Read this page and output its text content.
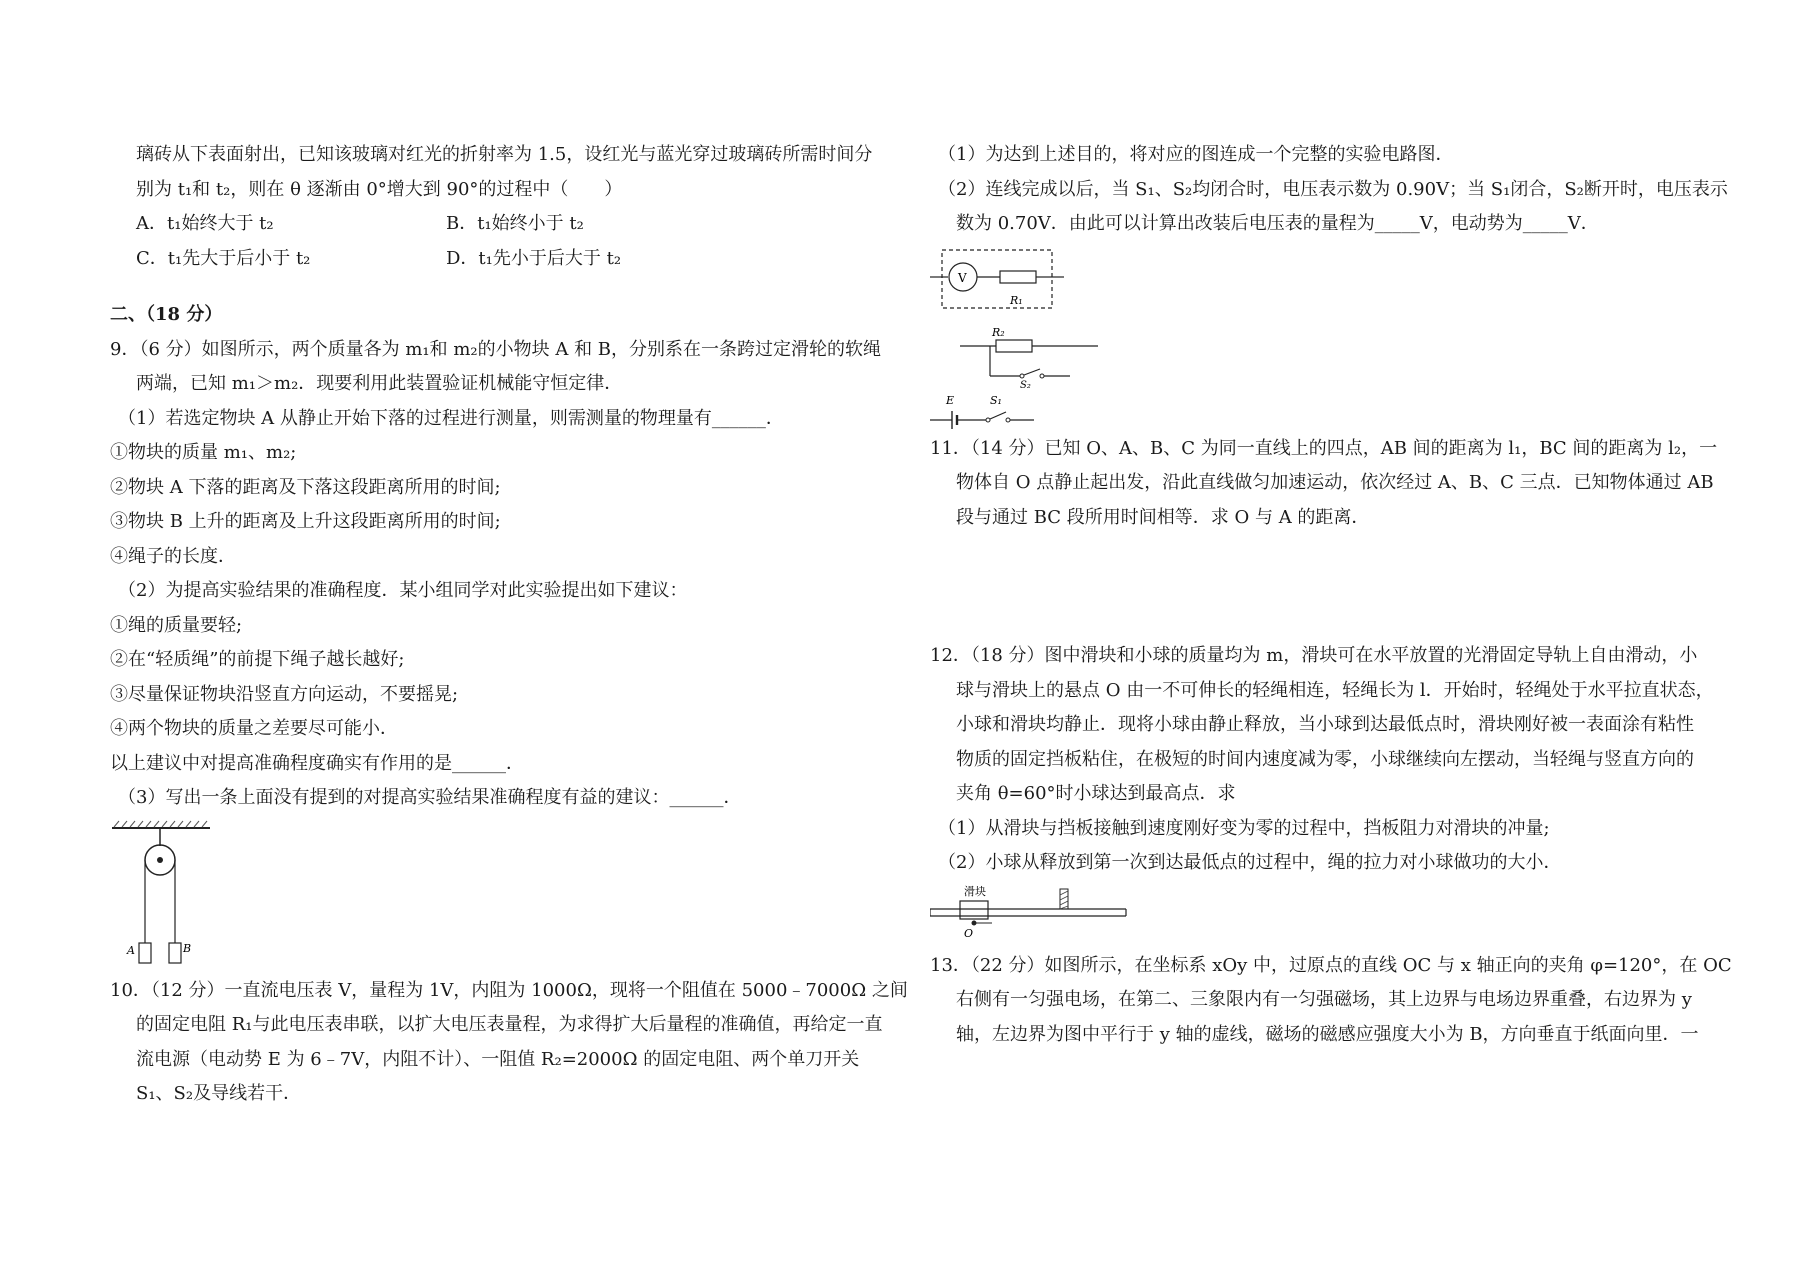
璃砖从下表面射出，已知该玻璃对红光的折射率为 1.5，设红光与蓝光穿过玻璃砖所需时间分
别为 t₁和 t₂，则在 θ 逐渐由 0°增大到 90°的过程中（　　）
A．t₁始终大于 t₂	B．t₁始终小于 t₂
C．t₁先大于后小于 t₂	D．t₁先小于后大于 t₂
二、（18 分）
9．（6 分）如图所示，两个质量各为 m₁和 m₂的小物块 A 和 B，分别系在一条跨过定滑轮的软绳
两端，已知 m₁＞m₂．现要利用此装置验证机械能守恒定律．
（1）若选定物块 A 从静止开始下落的过程进行测量，则需测量的物理量有______．
①物块的质量 m₁、m₂;
②物块 A 下落的距离及下落这段距离所用的时间;
③物块 B 上升的距离及上升这段距离所用的时间;
④绳子的长度．
（2）为提高实验结果的准确程度．某小组同学对此实验提出如下建议：
①绳的质量要轻;
②在“轻质绳”的前提下绳子越长越好;
③尽量保证物块沿竖直方向运动，不要摇晃;
④两个物块的质量之差要尽可能小．
以上建议中对提高准确程度确实有作用的是______．
（3）写出一条上面没有提到的对提高实验结果准确程度有益的建议：______．
A	B
10．（12 分）一直流电压表 V，量程为 1V，内阻为 1000Ω，现将一个阻值在 5000﹣7000Ω 之间
的固定电阻 R₁与此电压表串联，以扩大电压表量程，为求得扩大后量程的准确值，再给定一直
流电源（电动势 E 为 6﹣7V，内阻不计）、一阻值 R₂=2000Ω 的固定电阻、两个单刀开关
S₁、S₂及导线若干．
（1）为达到上述目的，将对应的图连成一个完整的实验电路图．
（2）连线完成以后，当 S₁、S₂均闭合时，电压表示数为 0.90V；当 S₁闭合，S₂断开时，电压表示
数为 0.70V．由此可以计算出改装后电压表的量程为_____V，电动势为_____V．
V
R₁
R₂
S₂
E	S₁
11．（14 分）已知 O、A、B、C 为同一直线上的四点，AB 间的距离为 l₁，BC 间的距离为 l₂，一
物体自 O 点静止起出发，沿此直线做匀加速运动，依次经过 A、B、C 三点．已知物体通过 AB
段与通过 BC 段所用时间相等．求 O 与 A 的距离．
12．（18 分）图中滑块和小球的质量均为 m，滑块可在水平放置的光滑固定导轨上自由滑动，小
球与滑块上的悬点 O 由一不可伸长的轻绳相连，轻绳长为 l．开始时，轻绳处于水平拉直状态，
小球和滑块均静止．现将小球由静止释放，当小球到达最低点时，滑块刚好被一表面涂有粘性
物质的固定挡板粘住，在极短的时间内速度减为零，小球继续向左摆动，当轻绳与竖直方向的
夹角 θ=60°时小球达到最高点．求
（1）从滑块与挡板接触到速度刚好变为零的过程中，挡板阻力对滑块的冲量;
（2）小球从释放到第一次到达最低点的过程中，绳的拉力对小球做功的大小．
滑块
O
13．（22 分）如图所示，在坐标系 xOy 中，过原点的直线 OC 与 x 轴正向的夹角 φ=120°，在 OC
右侧有一匀强电场，在第二、三象限内有一匀强磁场，其上边界与电场边界重叠，右边界为 y
轴，左边界为图中平行于 y 轴的虚线，磁场的磁感应强度大小为 B，方向垂直于纸面向里．一
